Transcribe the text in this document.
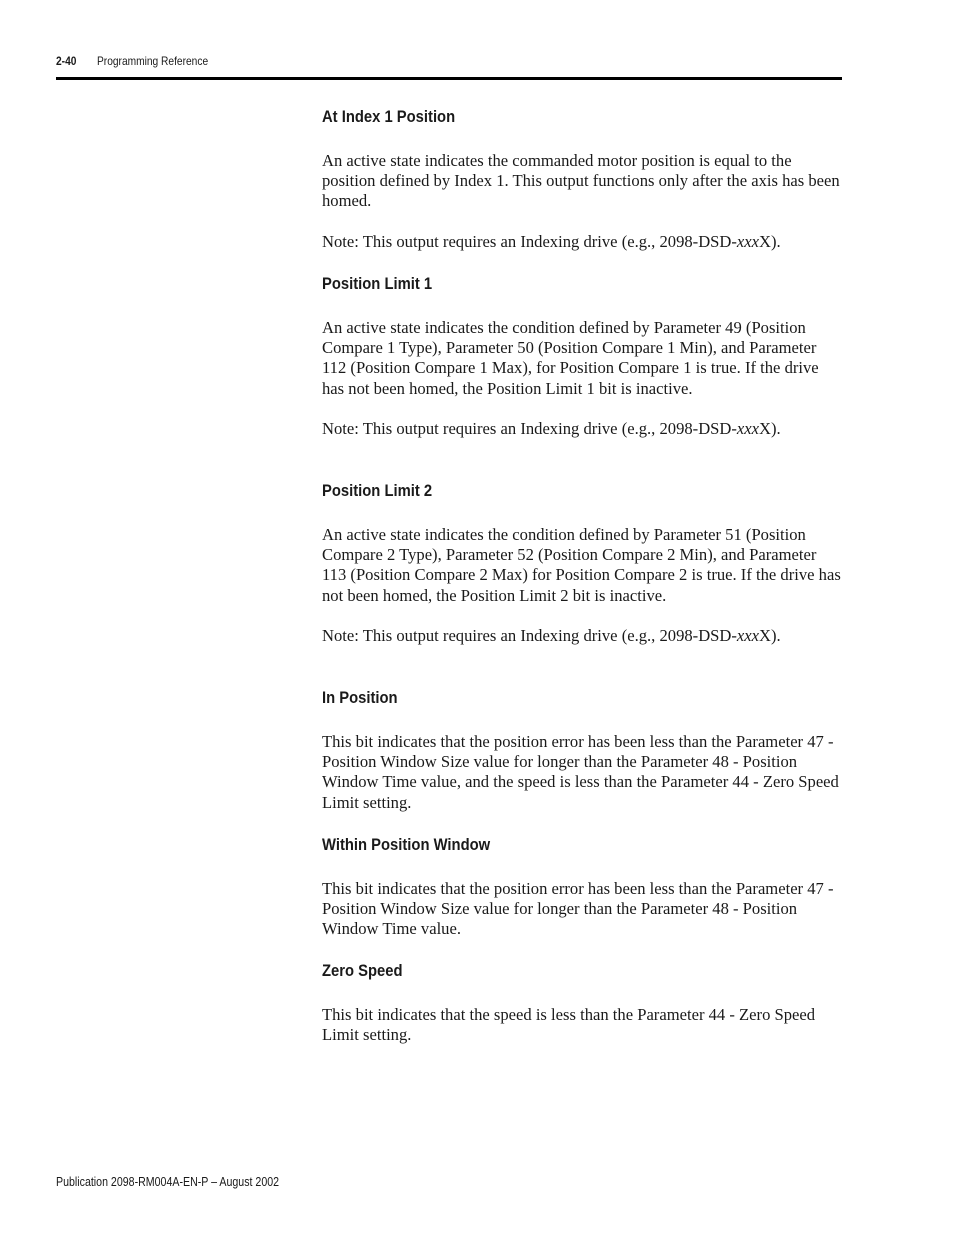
2-40 Programming Reference
At Index 1 Position

An active state indicates the commanded motor position is equal to the position defined by Index 1. This output functions only after the axis has been homed.

Note: This output requires an Indexing drive (e.g., 2098-DSD-xxxX).

Position Limit 1

An active state indicates the condition defined by Parameter 49 (Position Compare 1 Type), Parameter 50 (Position Compare 1 Min), and Parameter 112 (Position Compare 1 Max), for Position Compare 1 is true. If the drive has not been homed, the Position Limit 1 bit is inactive.

Note: This output requires an Indexing drive (e.g., 2098-DSD-xxxX).

Position Limit 2

An active state indicates the condition defined by Parameter 51 (Position Compare 2 Type), Parameter 52 (Position Compare 2 Min), and Parameter 113 (Position Compare 2 Max) for Position Compare 2 is true. If the drive has not been homed, the Position Limit 2 bit is inactive.

Note: This output requires an Indexing drive (e.g., 2098-DSD-xxxX).

In Position

This bit indicates that the position error has been less than the Parameter 47 - Position Window Size value for longer than the Parameter 48 - Position Window Time value, and the speed is less than the Parameter 44 - Zero Speed Limit setting.

Within Position Window

This bit indicates that the position error has been less than the Parameter 47 - Position Window Size value for longer than the Parameter 48 - Position Window Time value.

Zero Speed

This bit indicates that the speed is less than the Parameter 44 - Zero Speed Limit setting.

Publication 2098-RM004A-EN-P – August 2002
